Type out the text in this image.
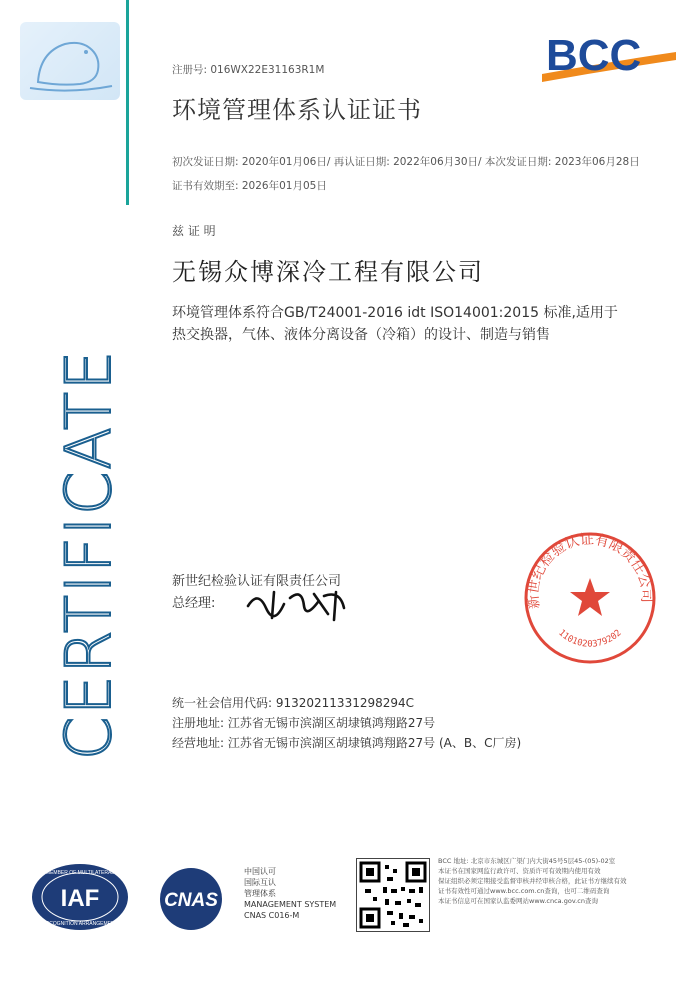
CERTIFICATE
BCC
注册号: 016WX22E31163R1M
环境管理体系认证证书
初次发证日期: 2020年01月06日/ 再认证日期: 2022年06月30日/ 本次发证日期: 2023年06月28日
证书有效期至: 2026年01月05日
兹 证 明
无锡众博深冷工程有限公司
环境管理体系符合GB/T24001-2016 idt ISO14001:2015 标准,适用于
热交换器，气体、液体分离设备（冷箱）的设计、制造与销售
新世纪检验认证有限责任公司
总经理:	新世纪检验认证有限责任公司
1101020379202
统一社会信用代码: 91320211331298294C
注册地址: 江苏省无锡市滨湖区胡埭镇鸿翔路27号
经营地址: 江苏省无锡市滨湖区胡埭镇鸿翔路27号 (A、B、C厂房)
IAF
MEMBER OF MULTILATERAL
RECOGNITION ARRANGEMENT
CNAS
中国认可
国际互认
管理体系
MANAGEMENT SYSTEM
CNAS C016-M
BCC 地址: 北京市东城区广渠门内大街45号5层45-(05)-02室
本证书在国家网监行政许可、资质许可有效期内使用有效
保证组织必须定期接受监督审核并经审核合格，此证书方继续有效
证书有效性可通过www.bcc.com.cn查询，也可二维码查询
本证书信息可在国家认监委网站www.cnca.gov.cn查询
